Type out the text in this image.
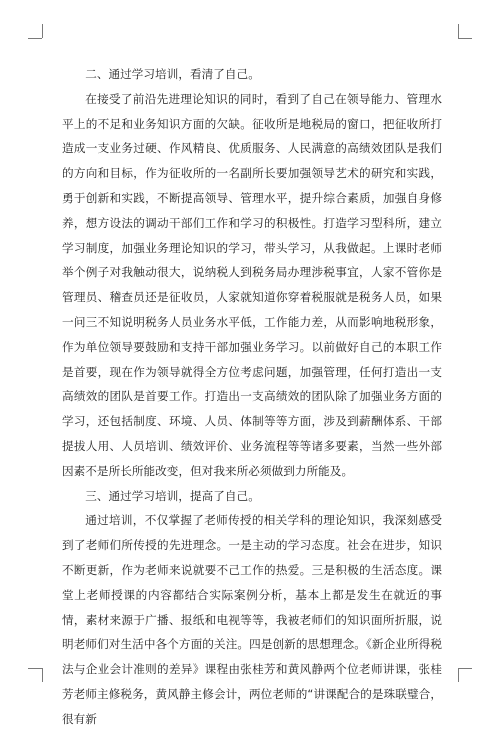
二、通过学习培训，看清了自己。

在接受了前沿先进理论知识的同时，看到了自己在领导能力、管理水平上的不足和业务知识方面的欠缺。征收所是地税局的窗口，把征收所打造成一支业务过硬、作风精良、优质服务、人民满意的高绩效团队是我们的方向和目标，作为征收所的一名副所长要加强领导艺术的研究和实践，勇于创新和实践，不断提高领导、管理水平，提升综合素质，加强自身修养，想方设法的调动干部们工作和学习的积极性。打造学习型科所，建立学习制度，加强业务理论知识的学习，带头学习，从我做起。上课时老师举个例子对我触动很大，说纳税人到税务局办理涉税事宜，人家不管你是管理员、稽查员还是征收员，人家就知道你穿着税服就是税务人员，如果一问三不知说明税务人员业务水平低，工作能力差，从而影响地税形象，作为单位领导要鼓励和支持干部加强业务学习。以前做好自己的本职工作是首要，现在作为领导就得全方位考虑问题，加强管理，任何打造出一支高绩效的团队是首要工作。打造出一支高绩效的团队除了加强业务方面的学习，还包括制度、环境、人员、体制等等方面，涉及到薪酬体系、干部提拔人用、人员培训、绩效评价、业务流程等等诸多要素，当然一些外部因素不是所长所能改变，但对我来所必须做到力所能及。

三、通过学习培训，提高了自己。

通过培训，不仅掌握了老师传授的相关学科的理论知识，我深刻感受到了老师们所传授的先进理念。一是主动的学习态度。社会在进步，知识不断更新，作为老师来说就要不己工作的热爱。三是积极的生活态度。课堂上老师授课的内容都结合实际案例分析，基本上都是发生在就近的事情，素材来源于广播、报纸和电视等等，我被老师们的知识面所折服，说明老师们对生活中各个方面的关注。四是创新的思想理念。《新企业所得税法与企业会计准则的差异》课程由张桂芳和黄风静两个位老师讲课，张桂芳老师主修税务，黄风静主修会计，两位老师的“讲课配合的是珠联璧合，很有新
